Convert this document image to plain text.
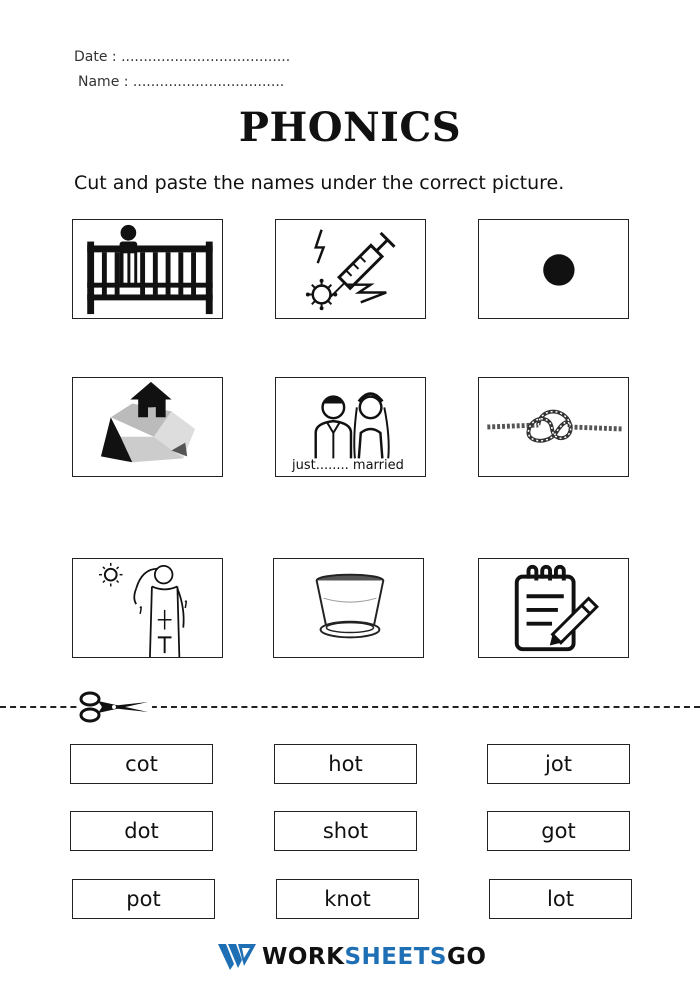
Date : ......................................
Name : ..................................
PHONICS
Cut and paste the names under the correct picture.
just........ married
cot	hot	jot
dot	shot	got
pot	knot	lot
WORKSHEETSGO
